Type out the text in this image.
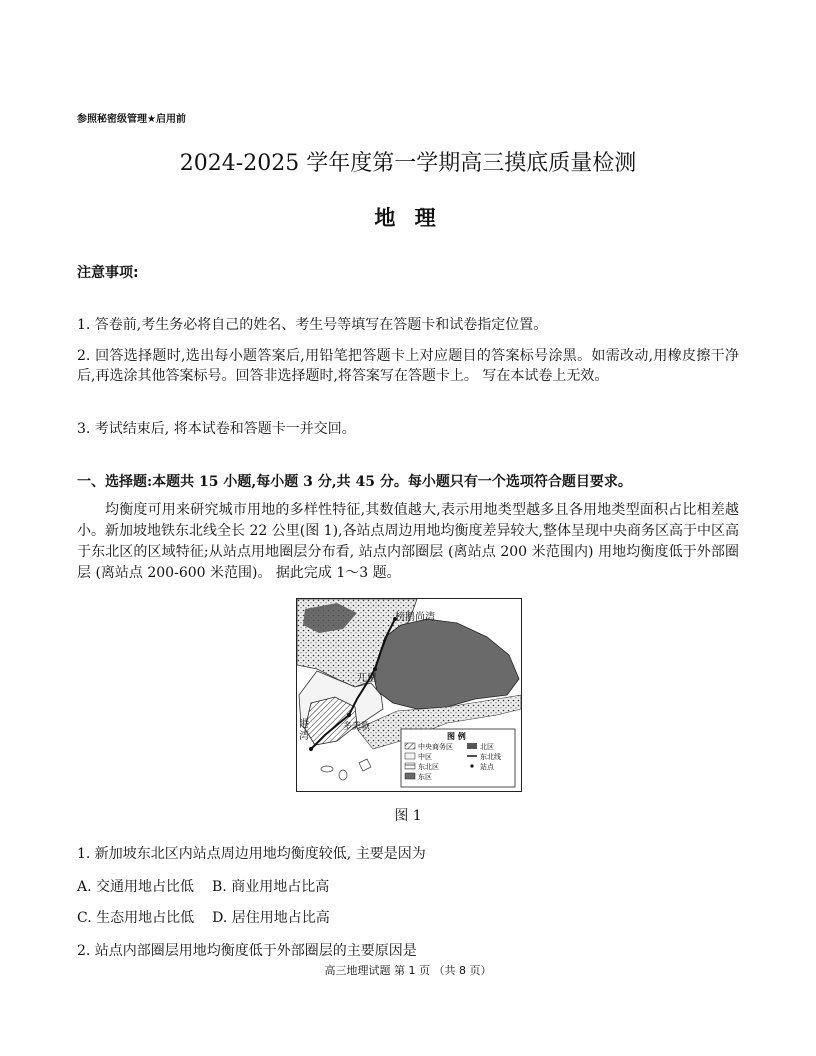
参照秘密级管理★启用前
2024-2025 学年度第一学期高三摸底质量检测
地 理
注意事项:
1. 答卷前,考生务必将自己的姓名、考生号等填写在答题卡和试卷指定位置。
2. 回答选择题时,选出每小题答案后,用铅笔把答题卡上对应题目的答案标号涂黑。如需改动,用橡皮擦干净后,再选涂其他答案标号。回答非选择题时,将答案写在答题卡上。 写在本试卷上无效。
3. 考试结束后, 将本试卷和答题卡一并交回。
一、选择题:本题共 15 小题,每小题 3 分,共 45 分。每小题只有一个选项符合题目要求。
均衡度可用来研究城市用地的多样性特征,其数值越大,表示用地类型越多且各用地类型面积占比相差越小。新加坡地铁东北线全长 22 公里(图 1),各站点周边用地均衡度差异较大,整体呈现中央商务区高于中区高于东北区的区域特征;从站点用地圈层分布看, 站点内部圈层 (离站点 200 米范围内) 用地均衡度低于外部圈层 (离站点 200-600 米范围)。 据此完成 1～3 题。
榜鹅尚湾
兀里
多美歌
港
湾	图 例
中央商务区	北区
中区	东北线
东北区	站点
东区
图 1
1. 新加坡东北区内站点周边用地均衡度较低, 主要是因为
A. 交通用地占比低 B. 商业用地占比高
C. 生态用地占比低 D. 居住用地占比高
2. 站点内部圈层用地均衡度低于外部圈层的主要原因是
高三地理试题 第 1 页 （共 8 页）
